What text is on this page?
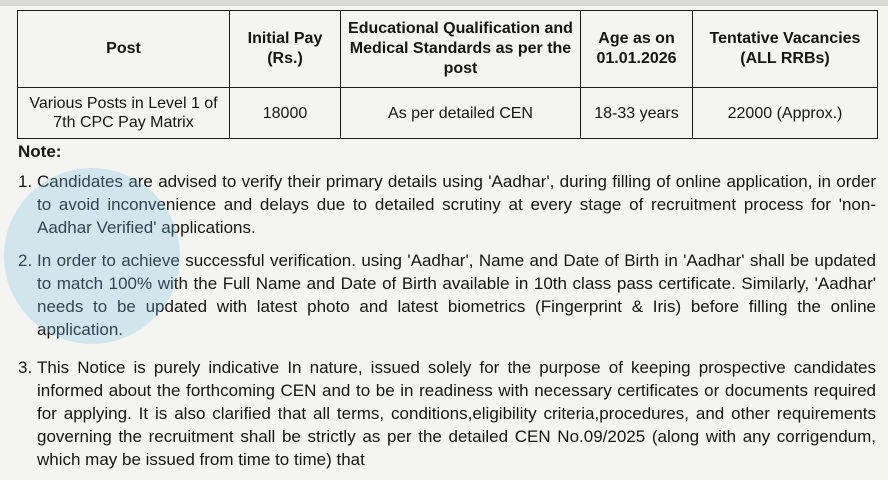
Post	Initial Pay (Rs.)	Educational Qualification and Medical Standards as per the post	Age as on 01.01.2026	Tentative Vacancies (ALL RRBs)
Various Posts in Level 1 of 7th CPC Pay Matrix	18000	As per detailed CEN	18-33 years	22000 (Approx.)
Note:
1. Candidates are advised to verify their primary details using 'Aadhar', during filling of online application, in order to avoid inconvenience and delays due to detailed scrutiny at every stage of recruitment process for 'non- Aadhar Verified' applications.
2. In order to achieve successful verification. using 'Aadhar', Name and Date of Birth in 'Aadhar' shall be updated to match 100% with the Full Name and Date of Birth available in 10th class pass certificate. Similarly, 'Aadhar' needs to be updated with latest photo and latest biometrics (Fingerprint & Iris) before filling the online application.
3. This Notice is purely indicative In nature, issued solely for the purpose of keeping prospective candidates informed about the forthcoming CEN and to be in readiness with necessary certificates or documents required for applying. It is also clarified that all terms, conditions,eligibility criteria,procedures, and other requirements governing the recruitment shall be strictly as per the detailed CEN No.09/2025 (along with any corrigendum, which may be issued from time to time) that
